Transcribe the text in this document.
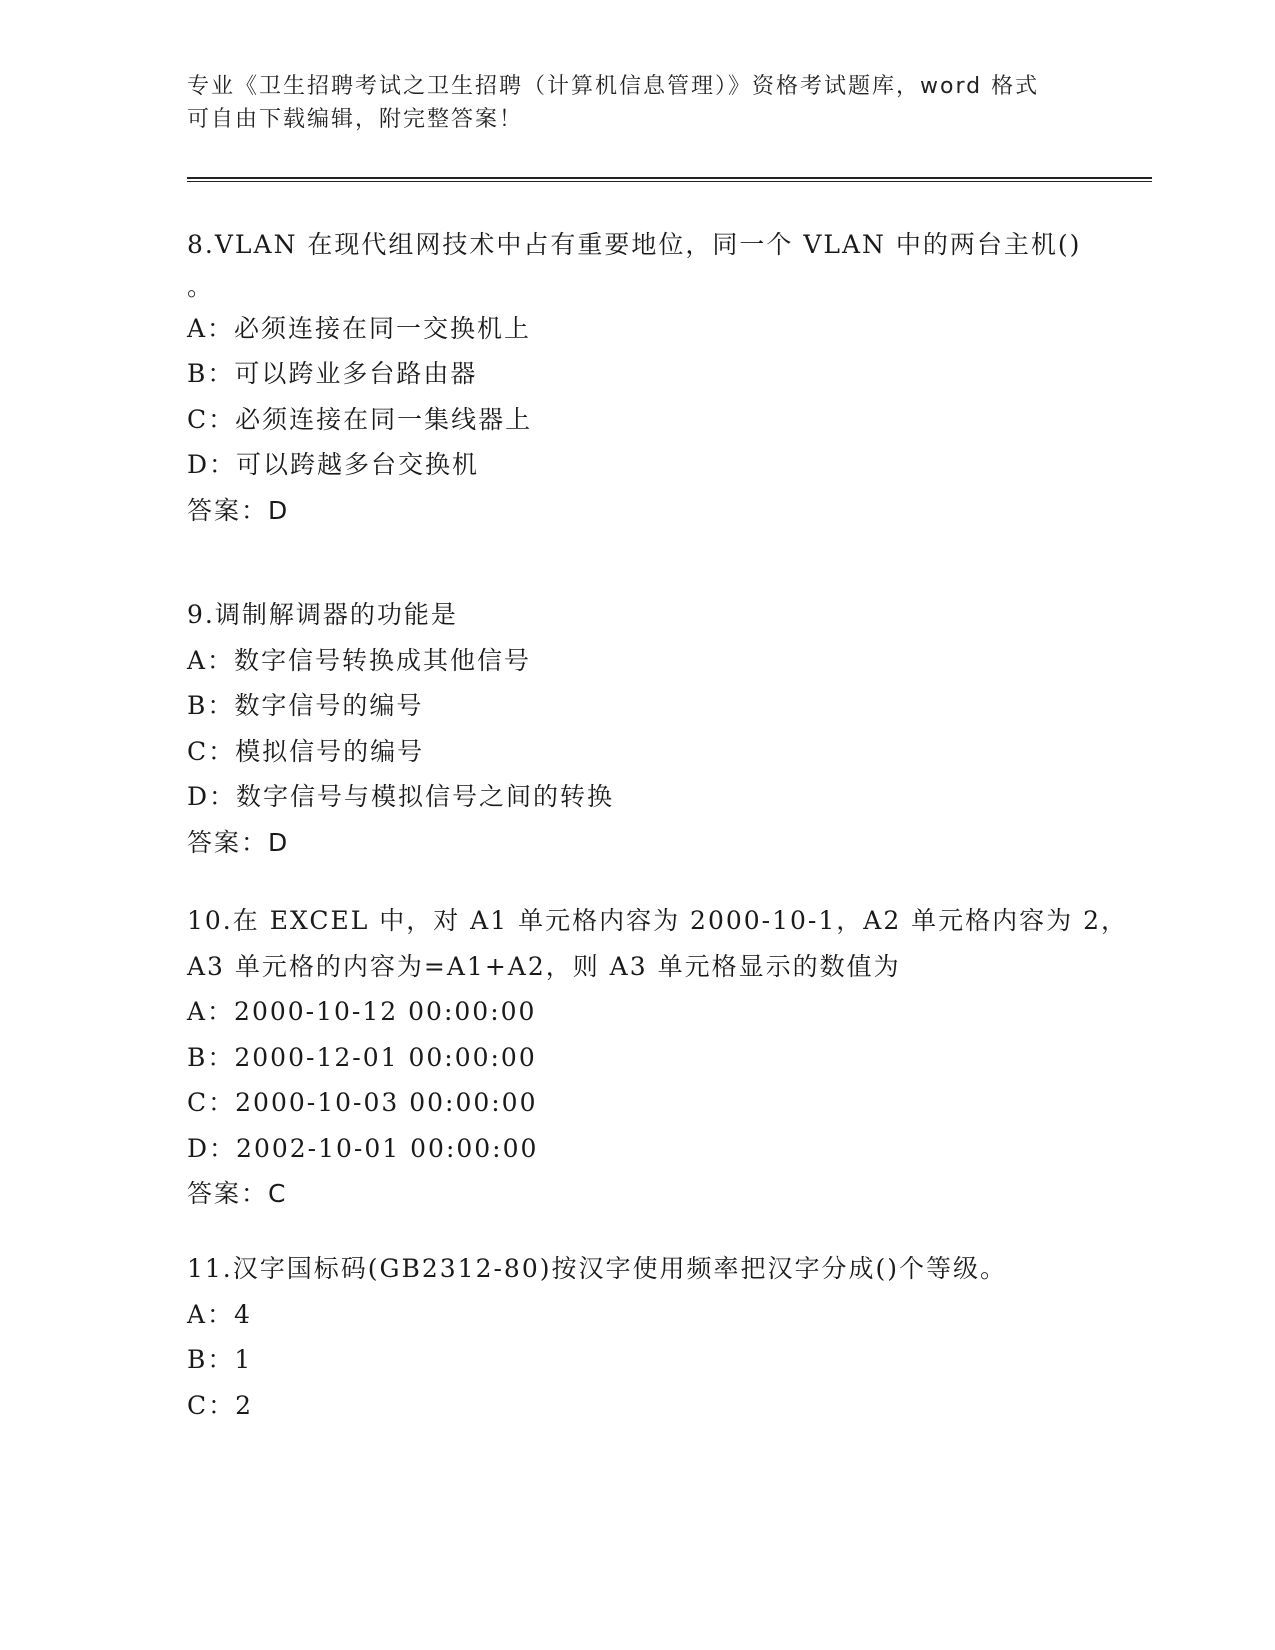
专业《卫生招聘考试之卫生招聘（计算机信息管理）》资格考试题库，word 格式
可自由下载编辑，附完整答案！
8.VLAN 在现代组网技术中占有重要地位，同一个 VLAN 中的两台主机()
。
A：必须连接在同一交换机上
B：可以跨业多台路由器
C：必须连接在同一集线器上
D：可以跨越多台交换机
答案：D
9.调制解调器的功能是
A：数字信号转换成其他信号
B：数字信号的编号
C：模拟信号的编号
D：数字信号与模拟信号之间的转换
答案：D
10.在 EXCEL 中，对 A1 单元格内容为 2000-10-1，A2 单元格内容为 2，
A3 单元格的内容为=A1+A2，则 A3 单元格显示的数值为
A：2000-10-12 00:00:00
B：2000-12-01 00:00:00
C：2000-10-03 00:00:00
D：2002-10-01 00:00:00
答案：C
11.汉字国标码(GB2312-80)按汉字使用频率把汉字分成()个等级。
A：4
B：1
C：2
